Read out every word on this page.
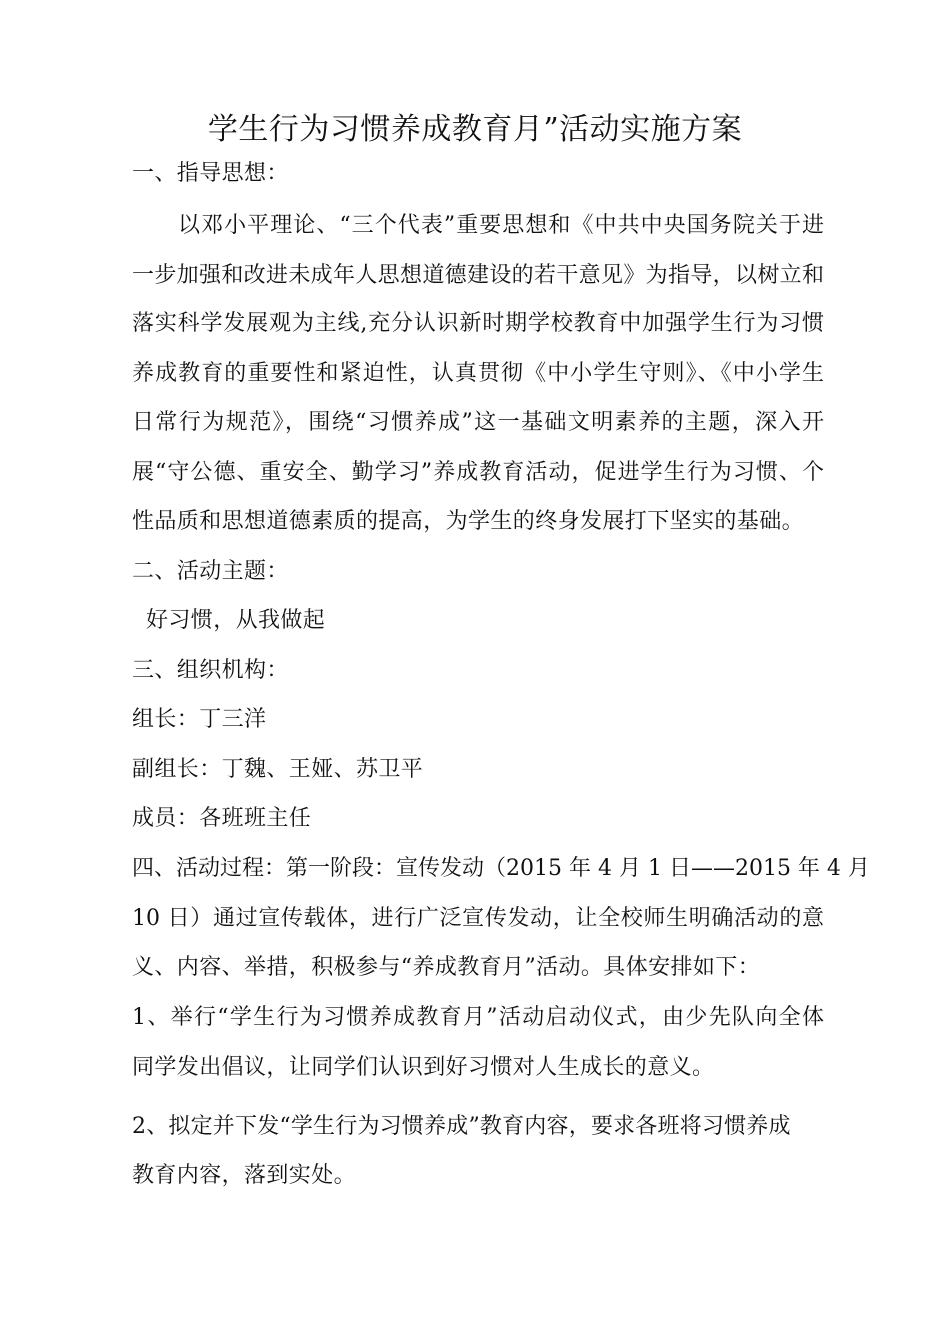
学生行为习惯养成教育月”活动实施方案
一、指导思想：
以邓小平理论、“三个代表”重要思想和《中共中央国务院关于进
一步加强和改进未成年人思想道德建设的若干意见》为指导，以树立和
落实科学发展观为主线,充分认识新时期学校教育中加强学生行为习惯
养成教育的重要性和紧迫性，认真贯彻《中小学生守则》、《中小学生
日常行为规范》，围绕“习惯养成”这一基础文明素养的主题，深入开
展“守公德、重安全、勤学习”养成教育活动，促进学生行为习惯、个
性品质和思想道德素质的提高，为学生的终身发展打下坚实的基础。
二、活动主题：
好习惯，从我做起
三、组织机构：
组长：丁三洋
副组长：丁魏、王娅、苏卫平
成员：各班班主任
四、活动过程：第一阶段：宣传发动（2015 年 4 月 1 日——2015 年 4 月
10 日）通过宣传载体，进行广泛宣传发动，让全校师生明确活动的意
义、内容、举措，积极参与“养成教育月”活动。具体安排如下：
1、举行“学生行为习惯养成教育月”活动启动仪式，由少先队向全体
同学发出倡议，让同学们认识到好习惯对人生成长的意义。
2、拟定并下发“学生行为习惯养成”教育内容，要求各班将习惯养成
教育内容，落到实处。
